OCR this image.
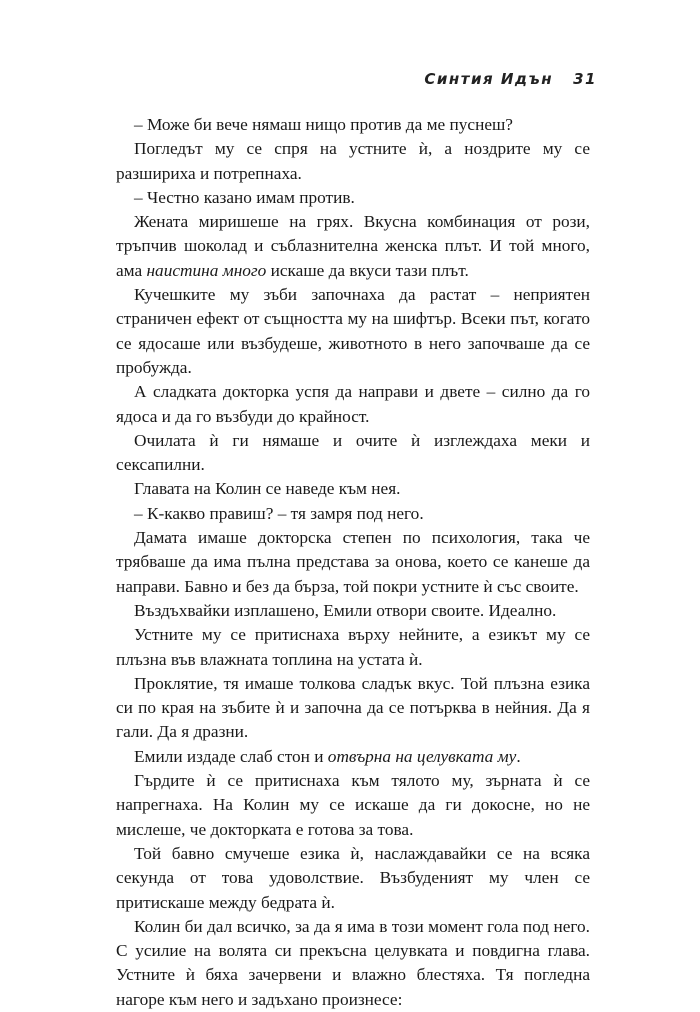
Синтия Идън 31

– Може би вече нямаш нищо против да ме пуснеш?

Погледът му се спря на устните ѝ, а ноздрите му се разшириха и потрепнаха.

– Честно казано имам против.

Жената миришеше на грях. Вкусна комбинация от рози, тръпчив шоколад и съблазнителна женска плът. И той много, ама наистина много искаше да вкуси тази плът.

Кучешките му зъби започнаха да растат – неприятен страничен ефект от същността му на шифтър. Всеки път, когато се ядосаше или възбудеше, животното в него започваше да се пробужда.

А сладката докторка успя да направи и двете – силно да го ядоса и да го възбуди до крайност.

Очилата ѝ ги нямаше и очите ѝ изглеждаха меки и сексапилни.

Главата на Колин се наведе към нея.

– К-какво правиш? – тя замря под него.

Дамата имаше докторска степен по психология, така че трябваше да има пълна представа за онова, което се канеше да направи. Бавно и без да бърза, той покри устните ѝ със своите.

Въздъхвайки изплашено, Емили отвори своите. Идеално.

Устните му се притиснаха върху нейните, а езикът му се плъзна във влажната топлина на устата ѝ.

Проклятие, тя имаше толкова сладък вкус. Той плъзна езика си по края на зъбите ѝ и започна да се потърква в нейния. Да я гали. Да я дразни.

Емили издаде слаб стон и отвърна на целувката му.

Гърдите ѝ се притиснаха към тялото му, зърната ѝ се напрегнаха. На Колин му се искаше да ги докосне, но не мислеше, че докторката е готова за това.

Той бавно смучеше езика ѝ, наслаждавайки се на всяка секунда от това удоволствие. Възбуденият му член се притискаше между бедрата ѝ.

Колин би дал всичко, за да я има в този момент гола под него. С усилие на волята си прекъсна целувката и повдигна глава. Устните ѝ бяха зачервени и влажно блестяха. Тя погледна нагоре към него и задъхано произнесе:
